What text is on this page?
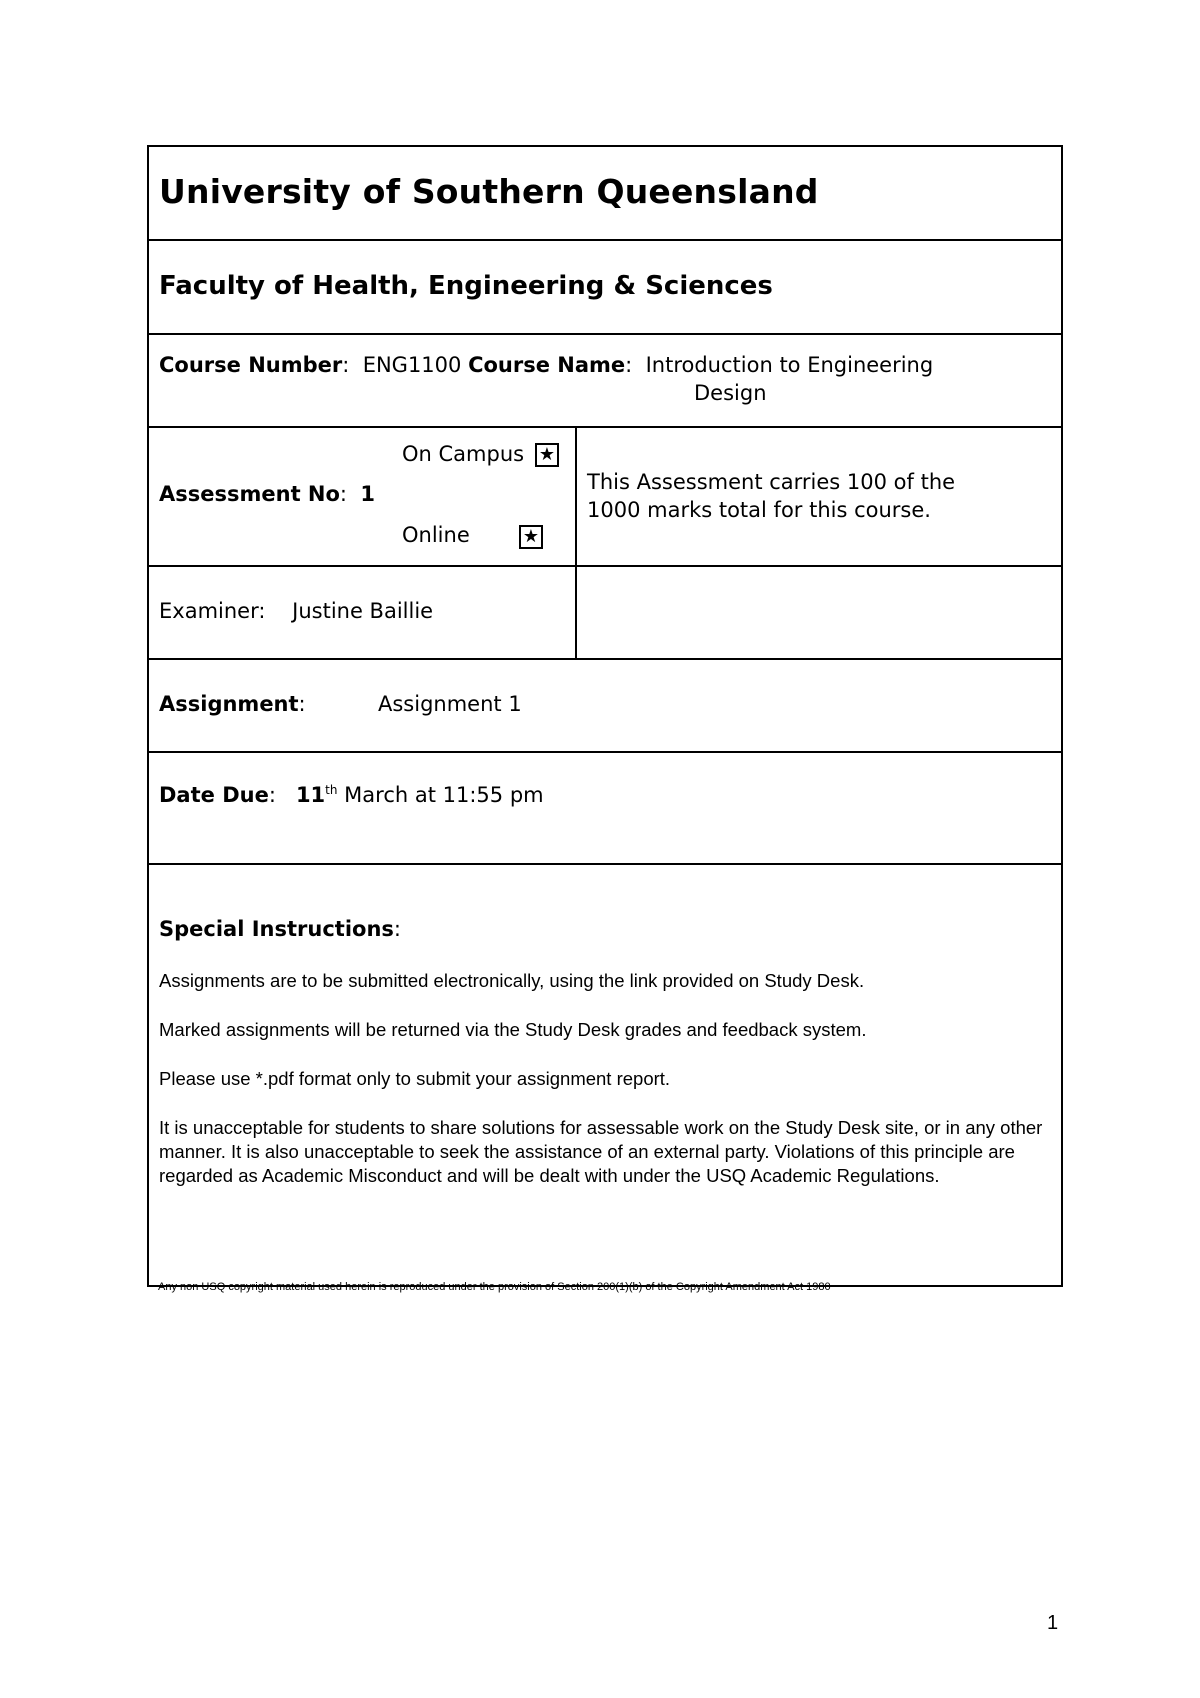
University of Southern Queensland
Faculty of Health, Engineering & Sciences
Course Number:  ENG1100 Course Name:  Introduction to Engineering
Design
On Campus ★
Assessment No:  1
Online	★
This Assessment carries 100 of the 1000 marks total for this course.
Examiner: Justine Baillie
Assignment:	Assignment 1
Date Due:   11th March at 11:55 pm
Special Instructions:

Assignments are to be submitted electronically, using the link provided on Study Desk.

Marked assignments will be returned via the Study Desk grades and feedback system.

Please use *.pdf format only to submit your assignment report.

It is unacceptable for students to share solutions for assessable work on the Study Desk site, or in any other manner. It is also unacceptable to seek the assistance of an external party. Violations of this principle are regarded as Academic Misconduct and will be dealt with under the USQ Academic Regulations.

Any non USQ copyright material used herein is reproduced under the provision of Section 200(1)(b) of the Copyright Amendment Act 1980
1
